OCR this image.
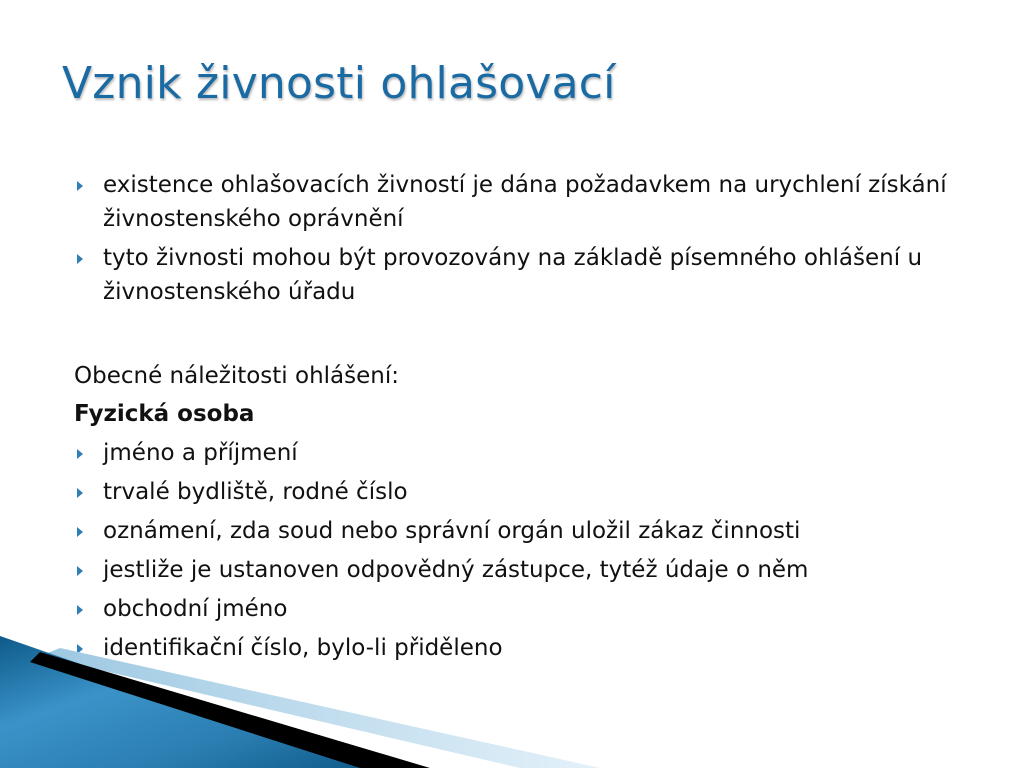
Vznik živnosti ohlašovací
existence ohlašovacích živností je dána požadavkem na urychlení získání živnostenského oprávnění
tyto živnosti mohou být provozovány na základě písemného ohlášení u živnostenského úřadu

Obecné náležitosti ohlášení:

Fyzická osoba

jméno a příjmení
trvalé bydliště, rodné číslo
oznámení, zda soud nebo správní orgán uložil zákaz činnosti
jestliže je ustanoven odpovědný zástupce, tytéž údaje o něm
obchodní jméno
identifikační číslo, bylo-li přiděleno
